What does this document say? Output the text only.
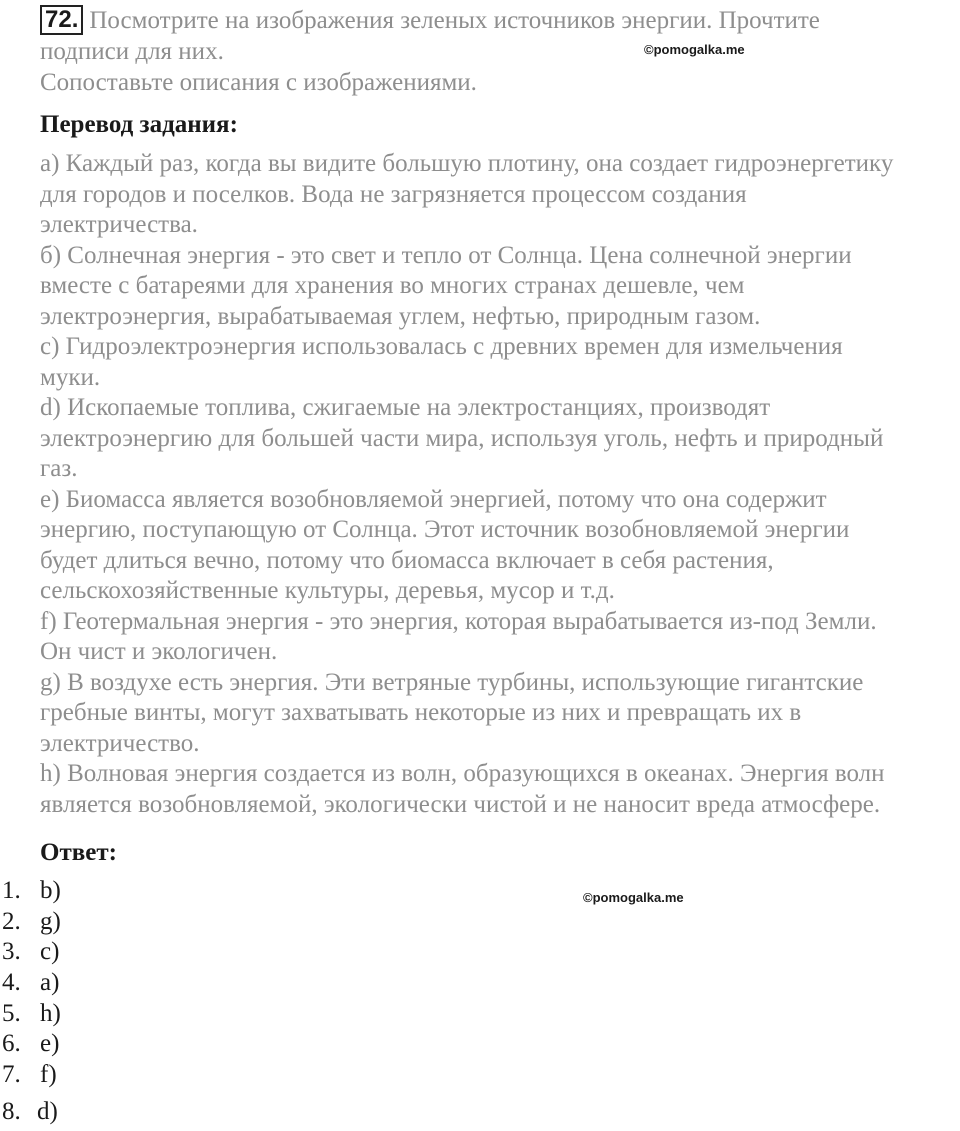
72. Посмотрите на изображения зеленых источников энергии. Прочтите
подписи для них.
Сопоставьте описания с изображениями.
©pomogalka.me
Перевод задания:
a) Каждый раз, когда вы видите большую плотину, она создает гидроэнергетику
для городов и поселков. Вода не загрязняется процессом создания
электричества.
б) Солнечная энергия - это свет и тепло от Солнца. Цена солнечной энергии
вместе с батареями для хранения во многих странах дешевле, чем
электроэнергия, вырабатываемая углем, нефтью, природным газом.
c) Гидроэлектроэнергия использовалась с древних времен для измельчения
муки.
d) Ископаемые топлива, сжигаемые на электростанциях, производят
электроэнергию для большей части мира, используя уголь, нефть и природный
газ.
e) Биомасса является возобновляемой энергией, потому что она содержит
энергию, поступающую от Солнца. Этот источник возобновляемой энергии
будет длиться вечно, потому что биомасса включает в себя растения,
сельскохозяйственные культуры, деревья, мусор и т.д.
f) Геотермальная энергия - это энергия, которая вырабатывается из-под Земли.
Он чист и экологичен.
g) В воздухе есть энергия. Эти ветряные турбины, использующие гигантские
гребные винты, могут захватывать некоторые из них и превращать их в
электричество.
h) Волновая энергия создается из волн, образующихся в океанах. Энергия волн
является возобновляемой, экологически чистой и не наносит вреда атмосфере.
Ответ:
©pomogalka.me
1. b)
2. g)
3. c)
4. a)
5. h)
6. e)
7. f)
8. d)
